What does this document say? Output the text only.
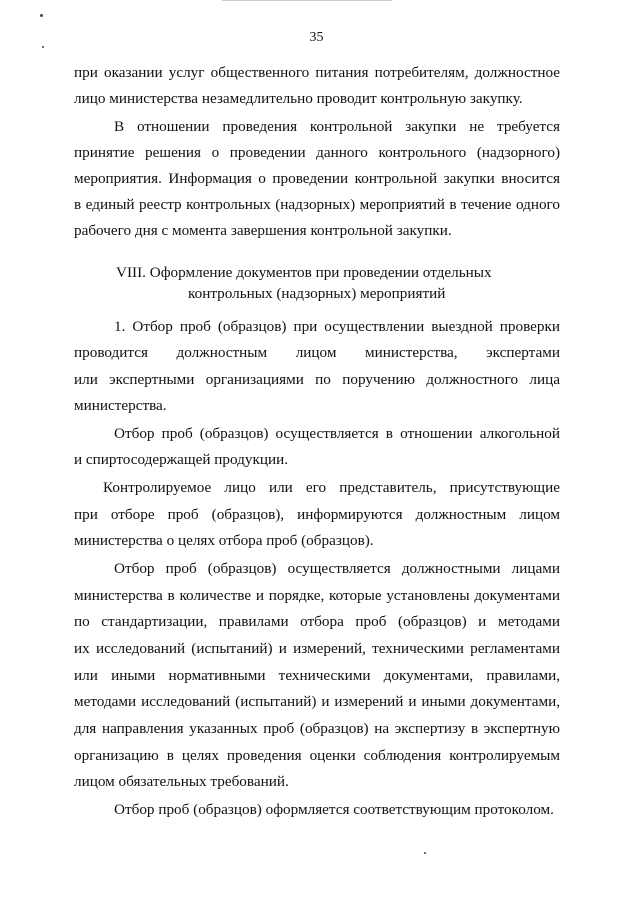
35
при оказании услуг общественного питания потребителям, должностное
лицо министерства незамедлительно проводит контрольную закупку.
В отношении проведения контрольной закупки не требуется
принятие решения о проведении данного контрольного (надзорного)
мероприятия. Информация о проведении контрольной закупки вносится
в единый реестр контрольных (надзорных) мероприятий в течение одного
рабочего дня с момента завершения контрольной закупки.
VIII. Оформление документов при проведении отдельных
контрольных (надзорных) мероприятий
1. Отбор проб (образцов) при осуществлении выездной проверки
проводится должностным лицом министерства, экспертами
или экспертными организациями по поручению должностного лица
министерства.
Отбор проб (образцов) осуществляется в отношении алкогольной
и спиртосодержащей продукции.
Контролируемое лицо или его представитель, присутствующие
при отборе проб (образцов), информируются должностным лицом
министерства о целях отбора проб (образцов).
Отбор проб (образцов) осуществляется должностными лицами
министерства в количестве и порядке, которые установлены документами
по стандартизации, правилами отбора проб (образцов) и методами
их исследований (испытаний) и измерений, техническими регламентами
или иными нормативными техническими документами, правилами,
методами исследований (испытаний) и измерений и иными документами,
для направления указанных проб (образцов) на экспертизу в экспертную
организацию в целях проведения оценки соблюдения контролируемым
лицом обязательных требований.
Отбор проб (образцов) оформляется соответствующим протоколом.
